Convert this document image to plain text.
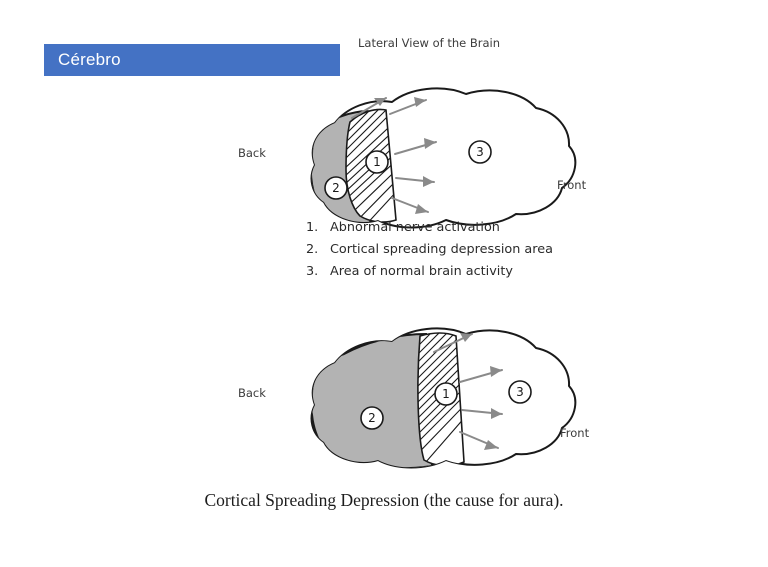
Cérebro
Lateral View of the Brain
1
2
3
Back
Front
1. Abnormal nerve activation
2. Cortical spreading depression area
3. Area of normal brain activity
1
2
3
Back
Front
Cortical Spreading Depression (the cause for aura).
